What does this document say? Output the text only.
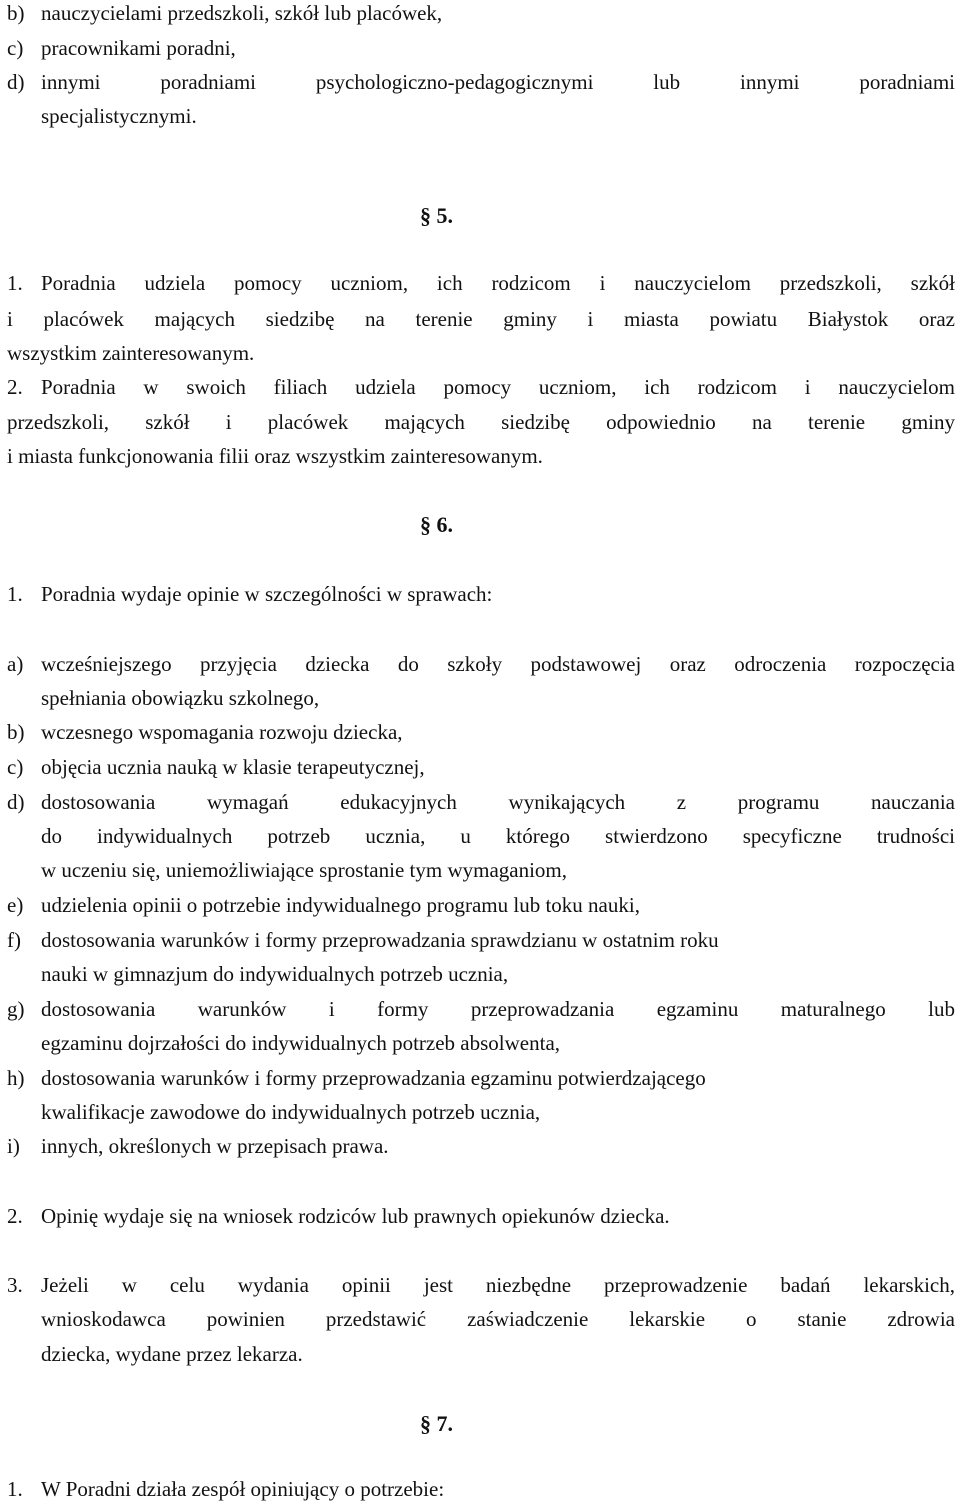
b) nauczycielami przedszkoli, szkół lub placówek,
c) pracownikami poradni,
d) innymi poradniami psychologiczno-pedagogicznymi lub innymi poradniami
specjalistycznymi.
§ 5.
1. Poradnia udziela pomocy uczniom, ich rodzicom i nauczycielom przedszkoli, szkół
i placówek mających siedzibę na terenie gminy i miasta powiatu Białystok oraz
wszystkim zainteresowanym.
2. Poradnia w swoich filiach udziela pomocy uczniom, ich rodzicom i nauczycielom
przedszkoli, szkół i placówek mających siedzibę odpowiednio na terenie gminy
i miasta funkcjonowania filii oraz wszystkim zainteresowanym.
§ 6.
1. Poradnia wydaje opinie w szczególności w sprawach:
a) wcześniejszego przyjęcia dziecka do szkoły podstawowej oraz odroczenia rozpoczęcia
spełniania obowiązku szkolnego,
b) wczesnego wspomagania rozwoju dziecka,
c) objęcia ucznia nauką w klasie terapeutycznej,
d) dostosowania wymagań edukacyjnych wynikających z programu nauczania
do indywidualnych potrzeb ucznia, u którego stwierdzono specyficzne trudności
w uczeniu się, uniemożliwiające sprostanie tym wymaganiom,
e) udzielenia opinii o potrzebie indywidualnego programu lub toku nauki,
f) dostosowania warunków i formy przeprowadzania sprawdzianu w ostatnim roku
nauki w gimnazjum do indywidualnych potrzeb ucznia,
g) dostosowania warunków i formy przeprowadzania egzaminu maturalnego lub
egzaminu dojrzałości do indywidualnych potrzeb absolwenta,
h) dostosowania warunków i formy przeprowadzania egzaminu potwierdzającego
kwalifikacje zawodowe do indywidualnych potrzeb ucznia,
i) innych, określonych w przepisach prawa.
2. Opinię wydaje się na wniosek rodziców lub prawnych opiekunów dziecka.
3. Jeżeli w celu wydania opinii jest niezbędne przeprowadzenie badań lekarskich,
wnioskodawca powinien przedstawić zaświadczenie lekarskie o stanie zdrowia
dziecka, wydane przez lekarza.
§ 7.
1. W Poradni działa zespół opiniujący o potrzebie:
